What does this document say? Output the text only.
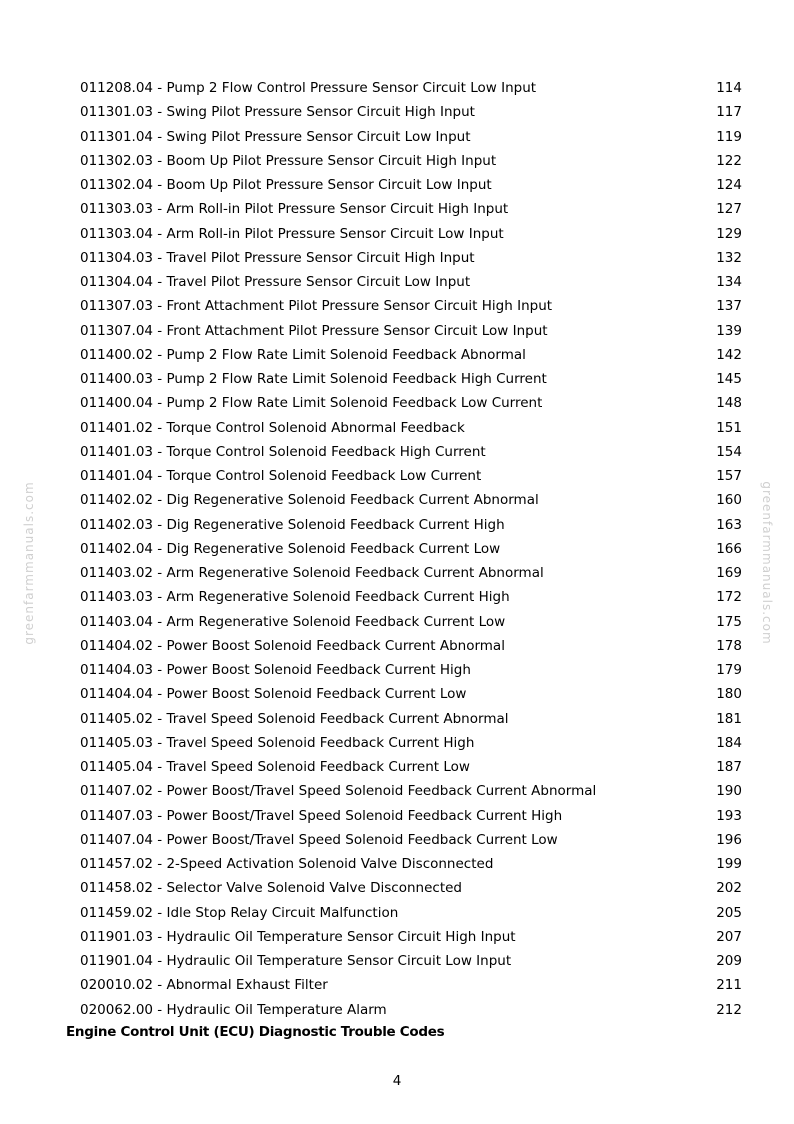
greenfarmmanuals.com	greenfarmmanuals.com
011208.04 - Pump 2 Flow Control Pressure Sensor Circuit Low Input	114
011301.03 - Swing Pilot Pressure Sensor Circuit High Input	117
011301.04 - Swing Pilot Pressure Sensor Circuit Low Input	119
011302.03 - Boom Up Pilot Pressure Sensor Circuit High Input	122
011302.04 - Boom Up Pilot Pressure Sensor Circuit Low Input	124
011303.03 - Arm Roll-in Pilot Pressure Sensor Circuit High Input	127
011303.04 - Arm Roll-in Pilot Pressure Sensor Circuit Low Input	129
011304.03 - Travel Pilot Pressure Sensor Circuit High Input	132
011304.04 - Travel Pilot Pressure Sensor Circuit Low Input	134
011307.03 - Front Attachment Pilot Pressure Sensor Circuit High Input	137
011307.04 - Front Attachment Pilot Pressure Sensor Circuit Low Input	139
011400.02 - Pump 2 Flow Rate Limit Solenoid Feedback Abnormal	142
011400.03 - Pump 2 Flow Rate Limit Solenoid Feedback High Current	145
011400.04 - Pump 2 Flow Rate Limit Solenoid Feedback Low Current	148
011401.02 - Torque Control Solenoid Abnormal Feedback	151
011401.03 - Torque Control Solenoid Feedback High Current	154
011401.04 - Torque Control Solenoid Feedback Low Current	157
011402.02 - Dig Regenerative Solenoid Feedback Current Abnormal	160
011402.03 - Dig Regenerative Solenoid Feedback Current High	163
011402.04 - Dig Regenerative Solenoid Feedback Current Low	166
011403.02 - Arm Regenerative Solenoid Feedback Current Abnormal	169
011403.03 - Arm Regenerative Solenoid Feedback Current High	172
011403.04 - Arm Regenerative Solenoid Feedback Current Low	175
011404.02 - Power Boost Solenoid Feedback Current Abnormal	178
011404.03 - Power Boost Solenoid Feedback Current High	179
011404.04 - Power Boost Solenoid Feedback Current Low	180
011405.02 - Travel Speed Solenoid Feedback Current Abnormal	181
011405.03 - Travel Speed Solenoid Feedback Current High	184
011405.04 - Travel Speed Solenoid Feedback Current Low	187
011407.02 - Power Boost/Travel Speed Solenoid Feedback Current Abnormal	190
011407.03 - Power Boost/Travel Speed Solenoid Feedback Current High	193
011407.04 - Power Boost/Travel Speed Solenoid Feedback Current Low	196
011457.02 - 2-Speed Activation Solenoid Valve Disconnected	199
011458.02 - Selector Valve Solenoid Valve Disconnected	202
011459.02 - Idle Stop Relay Circuit Malfunction	205
011901.03 - Hydraulic Oil Temperature Sensor Circuit High Input	207
011901.04 - Hydraulic Oil Temperature Sensor Circuit Low Input	209
020010.02 - Abnormal Exhaust Filter	211
020062.00 - Hydraulic Oil Temperature Alarm	212
Engine Control Unit (ECU) Diagnostic Trouble Codes
4
